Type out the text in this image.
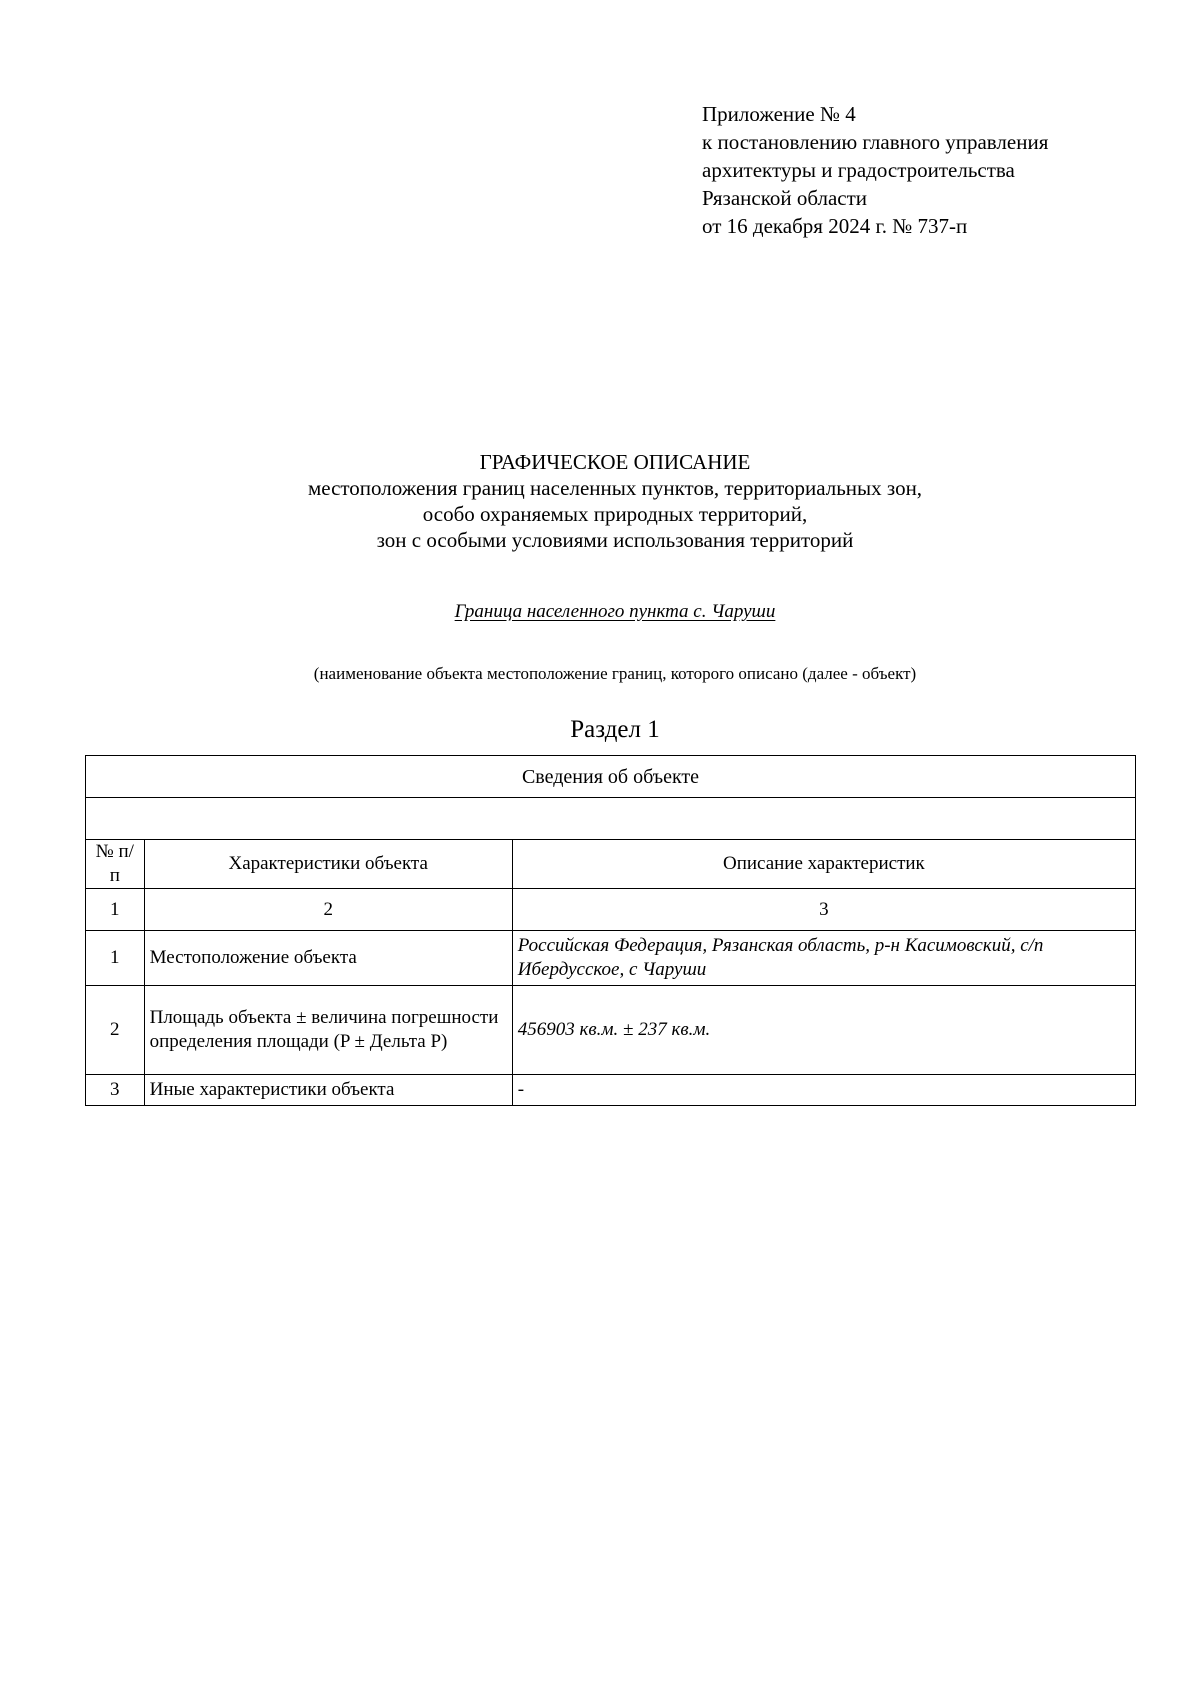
Приложение № 4
к постановлению главного управления
архитектуры и градостроительства
Рязанской области
от 16 декабря 2024 г. № 737-п
ГРАФИЧЕСКОЕ ОПИСАНИЕ
местоположения границ населенных пунктов, территориальных зон,
особо охраняемых природных территорий,
зон с особыми условиями использования территорий
Граница населенного пункта с. Чаруши
(наименование объекта местоположение границ, которого описано (далее - объект)
Раздел 1
Сведения об объекте		

№ п/п	Характеристики объекта	Описание характеристик
1	2	3
1	Местоположение объекта	Российская Федерация, Рязанская область, р-н Касимовский, с/п Ибердусское, с Чаруши
2	Площадь объекта ± величина погрешности определения площади (P ± Дельта P)	456903 кв.м. ± 237 кв.м.
3	Иные характеристики объекта	-
